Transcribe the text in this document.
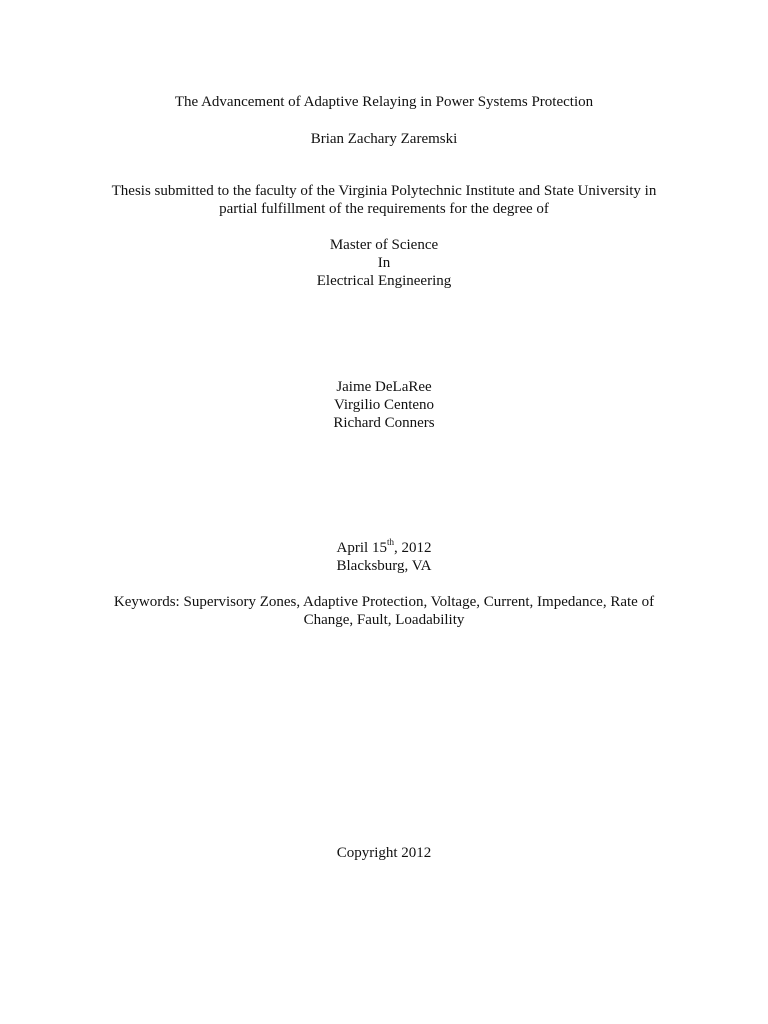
The Advancement of Adaptive Relaying in Power Systems Protection
Brian Zachary Zaremski
Thesis submitted to the faculty of the Virginia Polytechnic Institute and State University in
partial fulfillment of the requirements for the degree of
Master of Science
In
Electrical Engineering
Jaime DeLaRee
Virgilio Centeno
Richard Conners
April 15th, 2012
Blacksburg, VA
Keywords: Supervisory Zones, Adaptive Protection, Voltage, Current, Impedance, Rate of
Change, Fault, Loadability
Copyright 2012
